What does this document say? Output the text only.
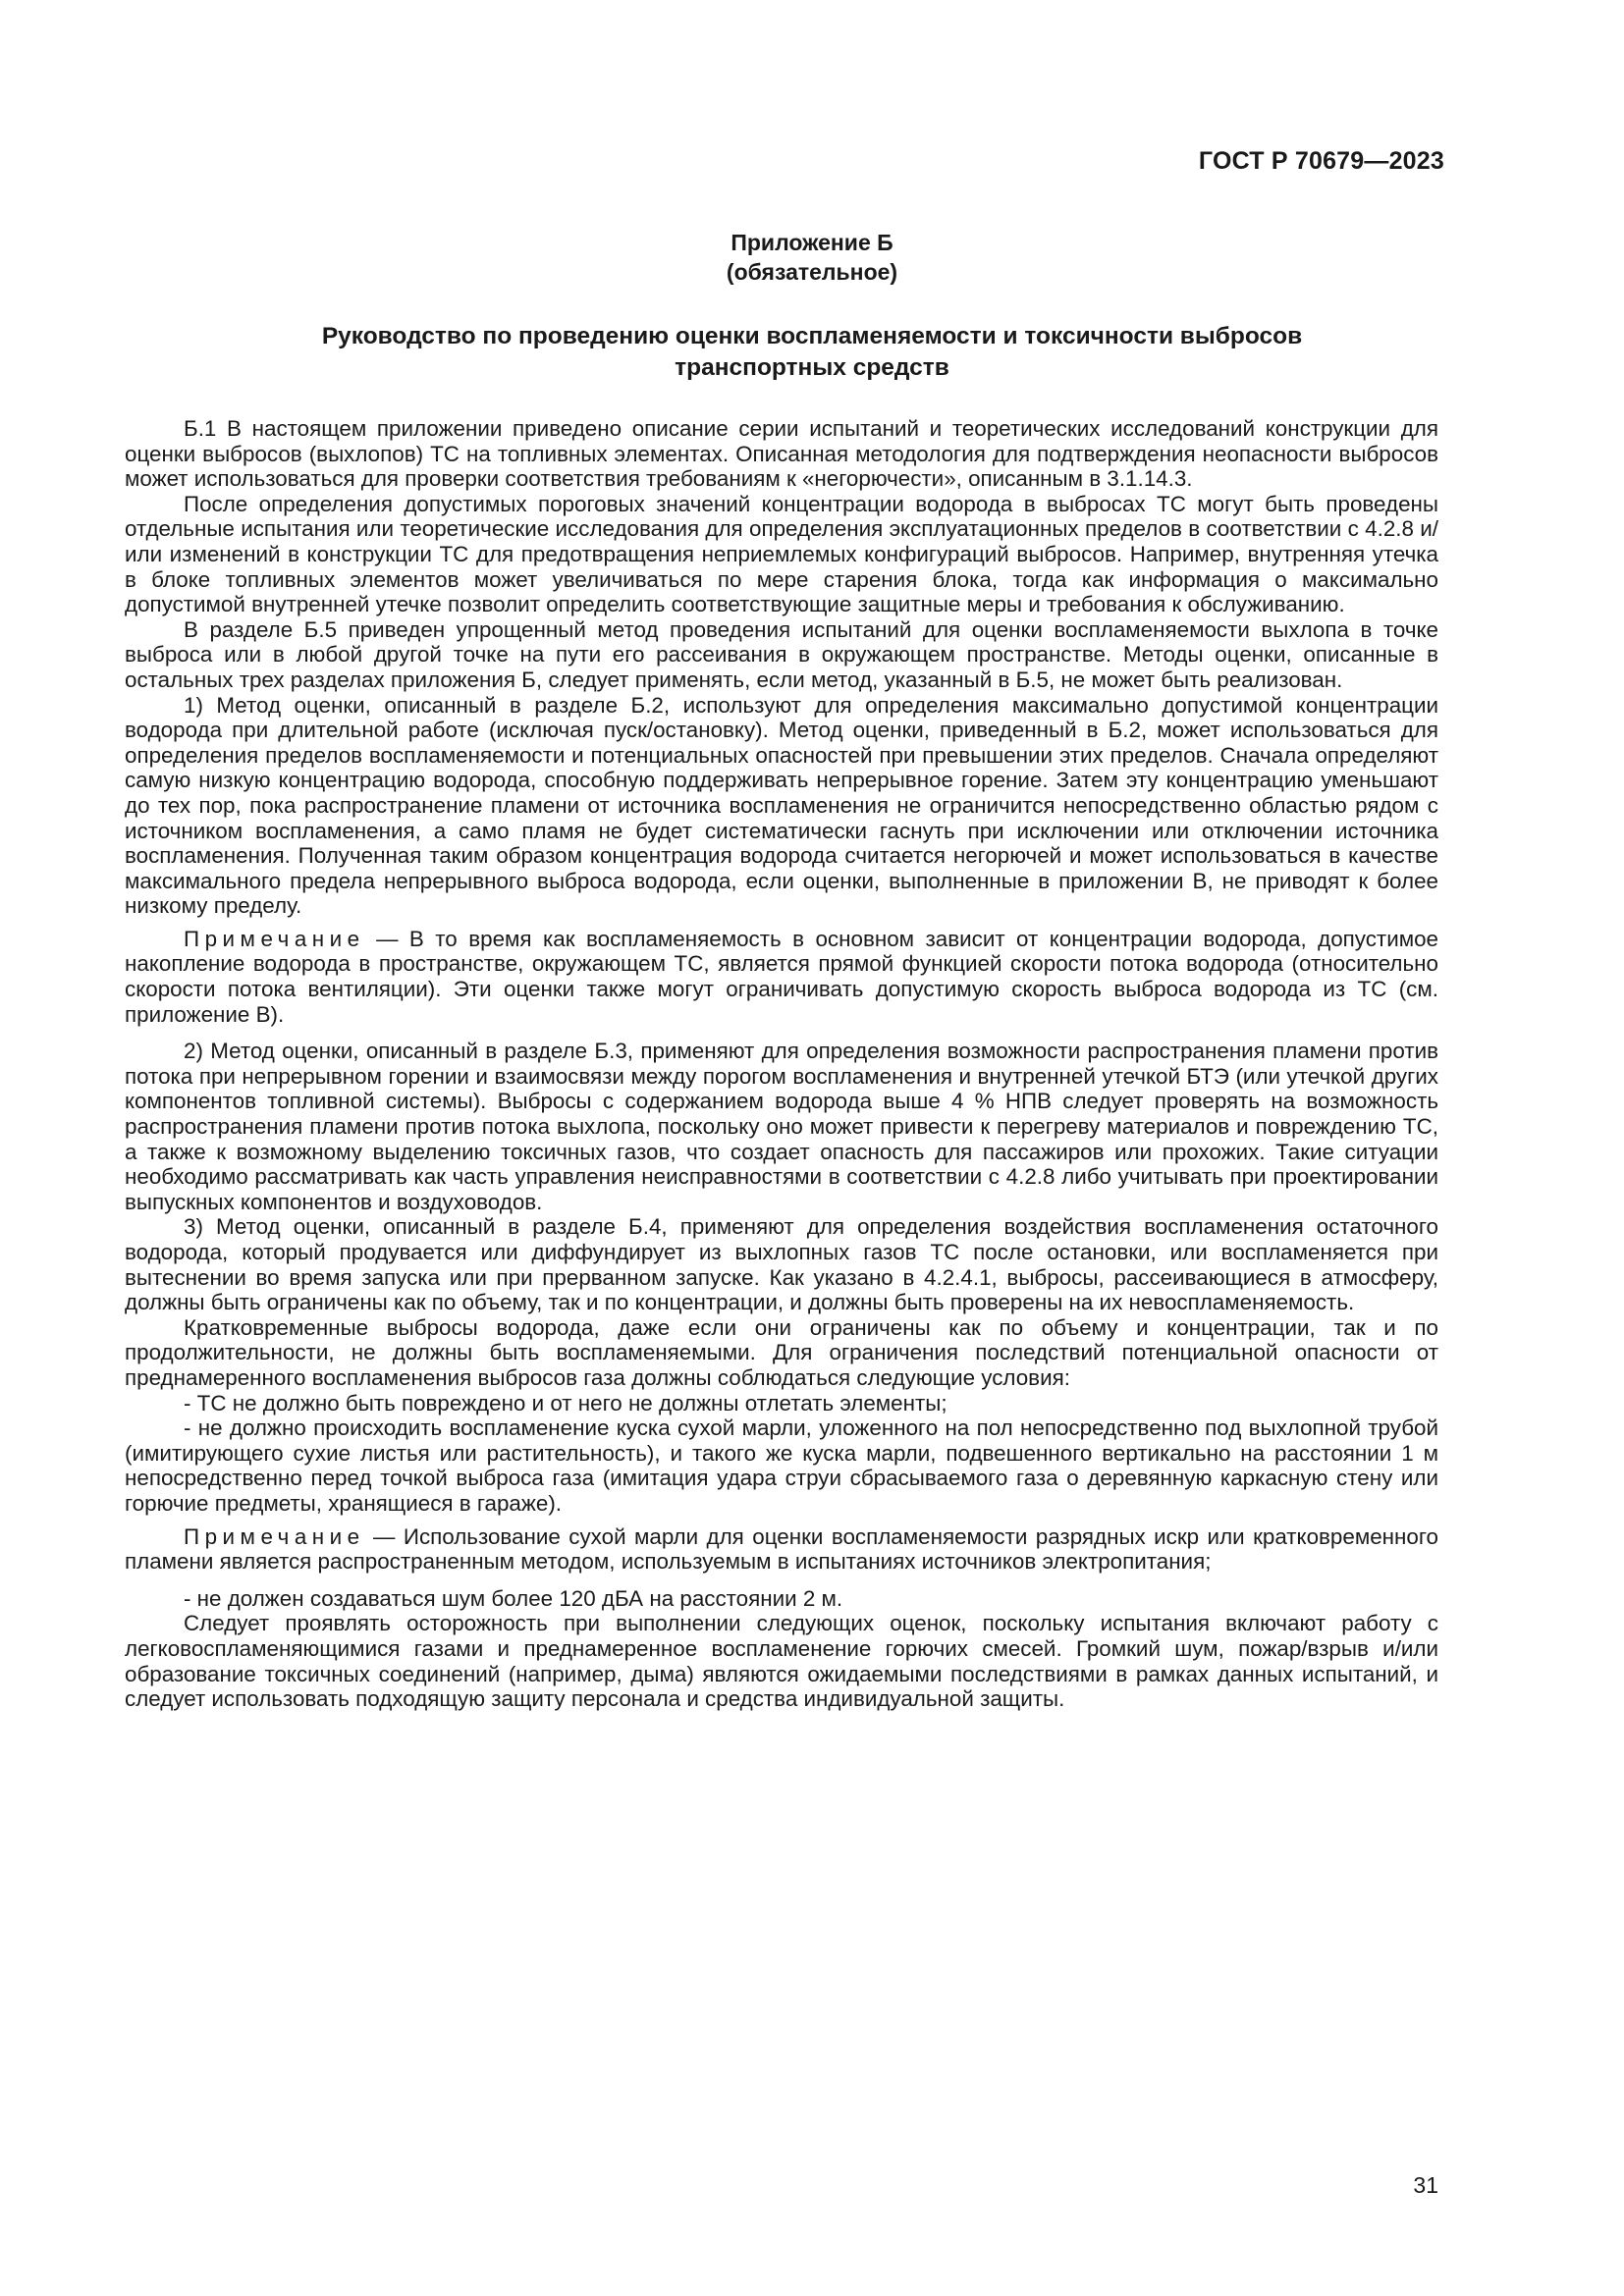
ГОСТ Р 70679—2023
Приложение Б
(обязательное)
Руководство по проведению оценки воспламеняемости и токсичности выбросов
транспортных средств

Б.1 В настоящем приложении приведено описание серии испытаний и теоретических исследований конструкции для оценки выбросов (выхлопов) ТС на топливных элементах. Описанная методология для подтверждения неопасности выбросов может использоваться для проверки соответствия требованиям к «негорючести», описанным в 3.1.14.3.

После определения допустимых пороговых значений концентрации водорода в выбросах ТС могут быть проведены отдельные испытания или теоретические исследования для определения эксплуатационных пределов в соответствии с 4.2.8 и/или изменений в конструкции ТС для предотвращения неприемлемых конфигураций выбросов. Например, внутренняя утечка в блоке топливных элементов может увеличиваться по мере старения блока, тогда как информация о максимально допустимой внутренней утечке позволит определить соответствующие защитные меры и требования к обслуживанию.

В разделе Б.5 приведен упрощенный метод проведения испытаний для оценки воспламеняемости выхлопа в точке выброса или в любой другой точке на пути его рассеивания в окружающем пространстве. Методы оценки, описанные в остальных трех разделах приложения Б, следует применять, если метод, указанный в Б.5, не может быть реализован.

1) Метод оценки, описанный в разделе Б.2, используют для определения максимально допустимой концентрации водорода при длительной работе (исключая пуск/остановку). Метод оценки, приведенный в Б.2, может использоваться для определения пределов воспламеняемости и потенциальных опасностей при превышении этих пределов. Сначала определяют самую низкую концентрацию водорода, способную поддерживать непрерывное горение. Затем эту концентрацию уменьшают до тех пор, пока распространение пламени от источника воспламенения не ограничится непосредственно областью рядом с источником воспламенения, а само пламя не будет систематически гаснуть при исключении или отключении источника воспламенения. Полученная таким образом концентрация водорода считается негорючей и может использоваться в качестве максимального предела непрерывного выброса водорода, если оценки, выполненные в приложении В, не приводят к более низкому пределу.

Примечание — В то время как воспламеняемость в основном зависит от концентрации водорода, допустимое накопление водорода в пространстве, окружающем ТС, является прямой функцией скорости потока водорода (относительно скорости потока вентиляции). Эти оценки также могут ограничивать допустимую скорость выброса водорода из ТС (см. приложение В).

2) Метод оценки, описанный в разделе Б.3, применяют для определения возможности распространения пламени против потока при непрерывном горении и взаимосвязи между порогом воспламенения и внутренней утечкой БТЭ (или утечкой других компонентов топливной системы). Выбросы с содержанием водорода выше 4 % НПВ следует проверять на возможность распространения пламени против потока выхлопа, поскольку оно может привести к перегреву материалов и повреждению ТС, а также к возможному выделению токсичных газов, что создает опасность для пассажиров или прохожих. Такие ситуации необходимо рассматривать как часть управления неисправностями в соответствии с 4.2.8 либо учитывать при проектировании выпускных компонентов и воздуховодов.

3) Метод оценки, описанный в разделе Б.4, применяют для определения воздействия воспламенения остаточного водорода, который продувается или диффундирует из выхлопных газов ТС после остановки, или воспламеняется при вытеснении во время запуска или при прерванном запуске. Как указано в 4.2.4.1, выбросы, рассеивающиеся в атмосферу, должны быть ограничены как по объему, так и по концентрации, и должны быть проверены на их невоспламеняемость.

Кратковременные выбросы водорода, даже если они ограничены как по объему и концентрации, так и по продолжительности, не должны быть воспламеняемыми. Для ограничения последствий потенциальной опасности от преднамеренного воспламенения выбросов газа должны соблюдаться следующие условия:

- ТС не должно быть повреждено и от него не должны отлетать элементы;

- не должно происходить воспламенение куска сухой марли, уложенного на пол непосредственно под выхлопной трубой (имитирующего сухие листья или растительность), и такого же куска марли, подвешенного вертикально на расстоянии 1 м непосредственно перед точкой выброса газа (имитация удара струи сбрасываемого газа о деревянную каркасную стену или горючие предметы, хранящиеся в гараже).

Примечание — Использование сухой марли для оценки воспламеняемости разрядных искр или кратковременного пламени является распространенным методом, используемым в испытаниях источников электропитания;

- не должен создаваться шум более 120 дБА на расстоянии 2 м.

Следует проявлять осторожность при выполнении следующих оценок, поскольку испытания включают работу с легковоспламеняющимися газами и преднамеренное воспламенение горючих смесей. Громкий шум, пожар/взрыв и/или образование токсичных соединений (например, дыма) являются ожидаемыми последствиями в рамках данных испытаний, и следует использовать подходящую защиту персонала и средства индивидуальной защиты.

31
